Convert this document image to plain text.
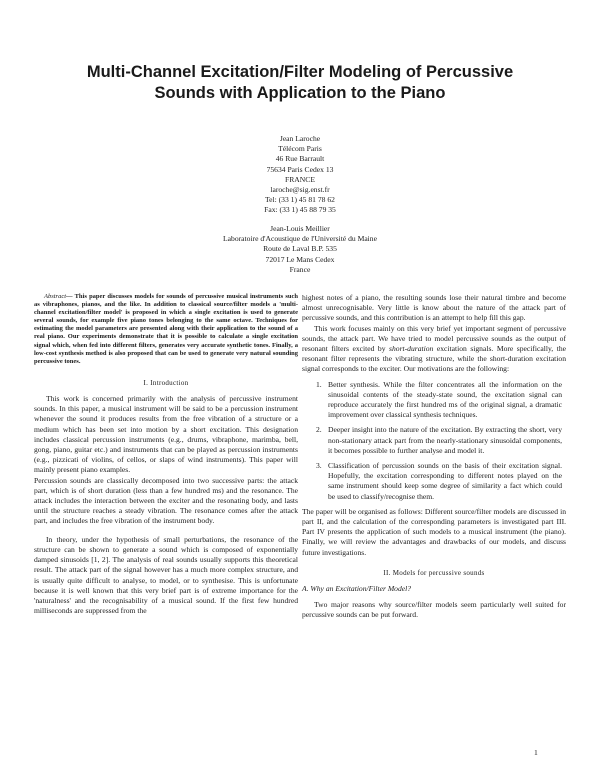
Multi-Channel Excitation/Filter Modeling of Percussive
Sounds with Application to the Piano
Jean Laroche
Télécom Paris
46 Rue Barrault
75634 Paris Cedex 13
FRANCE
laroche@sig.enst.fr
Tel: (33 1) 45 81 78 62
Fax: (33 1) 45 88 79 35
Jean-Louis Meillier
Laboratoire d'Acoustique de l'Université du Maine
Route de Laval B.P. 535
72017 Le Mans Cedex
France

Abstract— This paper discusses models for sounds of percussive musical instruments such as vibraphones, pianos, and the like. In addition to classical source/filter models a 'multi-channel excitation/filter model' is proposed in which a single excitation is used to generate several sounds, for example five piano tones belonging to the same octave. Techniques for estimating the model parameters are presented along with their application to the sound of a real piano. Our experiments demonstrate that it is possible to calculate a single excitation signal which, when fed into different filters, generates very accurate synthetic tones. Finally, a low-cost synthesis method is also proposed that can be used to generate very natural sounding percussive tones.

I. Introduction

This work is concerned primarily with the analysis of percussive instrument sounds. In this paper, a musical instrument will be said to be a percussion instrument whenever the sound it produces results from the free vibration of a structure or a medium which has been set into motion by a short excitation. This designation includes classical percussion instruments (e.g., drums, vibraphone, marimba, bell, gong, piano, guitar etc.) and instruments that can be played as percussion instruments (e.g., pizzicati of violins, of cellos, or slaps of wind instruments). This paper will mainly present piano examples.

Percussion sounds are classically decomposed into two successive parts: the attack part, which is of short duration (less than a few hundred ms) and the resonance. The attack includes the interaction between the exciter and the resonating body, and lasts until the structure reaches a steady vibration. The resonance comes after the attack part, and includes the free vibration of the instrument body.

In theory, under the hypothesis of small perturbations, the resonance of the structure can be shown to generate a sound which is composed of exponentially damped sinusoids [1, 2]. The analysis of real sounds usually supports this theoretical result. The attack part of the signal however has a much more complex structure, and is usually quite difficult to analyse, to model, or to synthesise. This is unfortunate because it is well known that this very brief part is of extreme importance for the 'naturalness' and the recognisability of a musical sound. If the first few hundred milliseconds are suppressed from the

highest notes of a piano, the resulting sounds lose their natural timbre and become almost unrecognisable. Very little is know about the nature of the attack part of percussive sounds, and this contribution is an attempt to help fill this gap.

This work focuses mainly on this very brief yet important segment of percussive sounds, the attack part. We have tried to model percussive sounds as the output of resonant filters excited by short-duration excitation signals. More specifically, the resonant filter represents the vibrating structure, while the short-duration excitation signal corresponds to the exciter. Our motivations are the following:

1. Better synthesis. While the filter concentrates all the information on the sinusoidal contents of the steady-state sound, the excitation signal can reproduce accurately the first hundred ms of the original signal, a dramatic improvement over classical synthesis techniques.
2. Deeper insight into the nature of the excitation. By extracting the short, very non-stationary attack part from the nearly-stationary sinusoidal components, it becomes possible to further analyse and model it.
3. Classification of percussion sounds on the basis of their excitation signal. Hopefully, the excitation corresponding to different notes played on the same instrument should keep some degree of similarity a fact which could be used to classify/recognise them.

The paper will be organised as follows: Different source/filter models are discussed in part II, and the calculation of the corresponding parameters is investigated part III. Part IV presents the application of such models to a musical instrument (the piano). Finally, we will review the advantages and drawbacks of our models, and discuss future investigations.

II. Models for percussive sounds

A. Why an Excitation/Filter Model?

Two major reasons why source/filter models seem particularly well suited for percussive sounds can be put forward.

1
